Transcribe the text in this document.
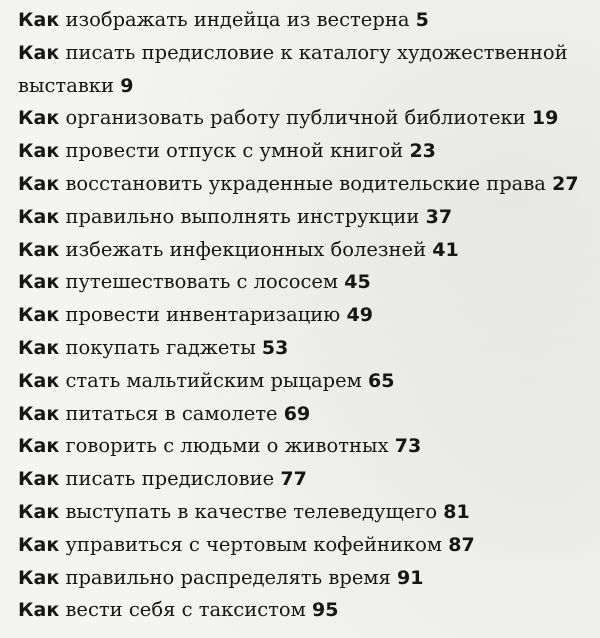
Как изображать индейца из вестерна 5
Как писать предисловие к каталогу художественной выставки 9
Как организовать работу публичной библиотеки 19
Как провести отпуск с умной книгой 23
Как восстановить украденные водительские права 27
Как правильно выполнять инструкции 37
Как избежать инфекционных болезней 41
Как путешествовать с лососем 45
Как провести инвентаризацию 49
Как покупать гаджеты 53
Как стать мальтийским рыцарем 65
Как питаться в самолете 69
Как говорить с людьми о животных 73
Как писать предисловие 77
Как выступать в качестве телеведущего 81
Как управиться с чертовым кофейником 87
Как правильно распределять время 91
Как вести себя с таксистом 95
